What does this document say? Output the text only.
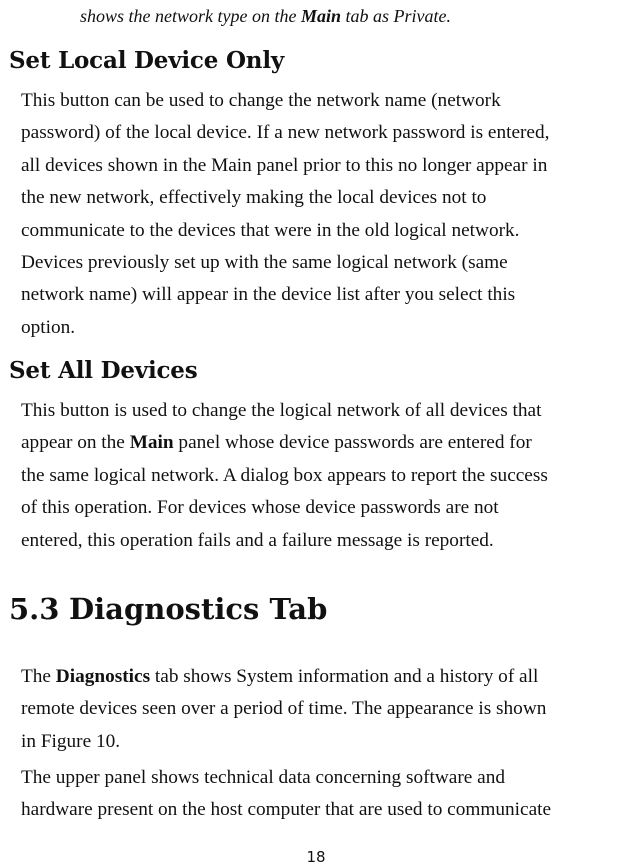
shows the network type on the Main tab as Private.
Set Local Device Only
This button can be used to change the network name (network
password) of the local device. If a new network password is entered,
all devices shown in the Main panel prior to this no longer appear in
the new network, effectively making the local devices not to
communicate to the devices that were in the old logical network.
Devices previously set up with the same logical network (same
network name) will appear in the device list after you select this
option.
Set All Devices
This button is used to change the logical network of all devices that
appear on the Main panel whose device passwords are entered for
the same logical network. A dialog box appears to report the success
of this operation. For devices whose device passwords are not
entered, this operation fails and a failure message is reported.
5.3 Diagnostics Tab
The Diagnostics tab shows System information and a history of all
remote devices seen over a period of time. The appearance is shown
in Figure 10.
The upper panel shows technical data concerning software and
hardware present on the host computer that are used to communicate
18
